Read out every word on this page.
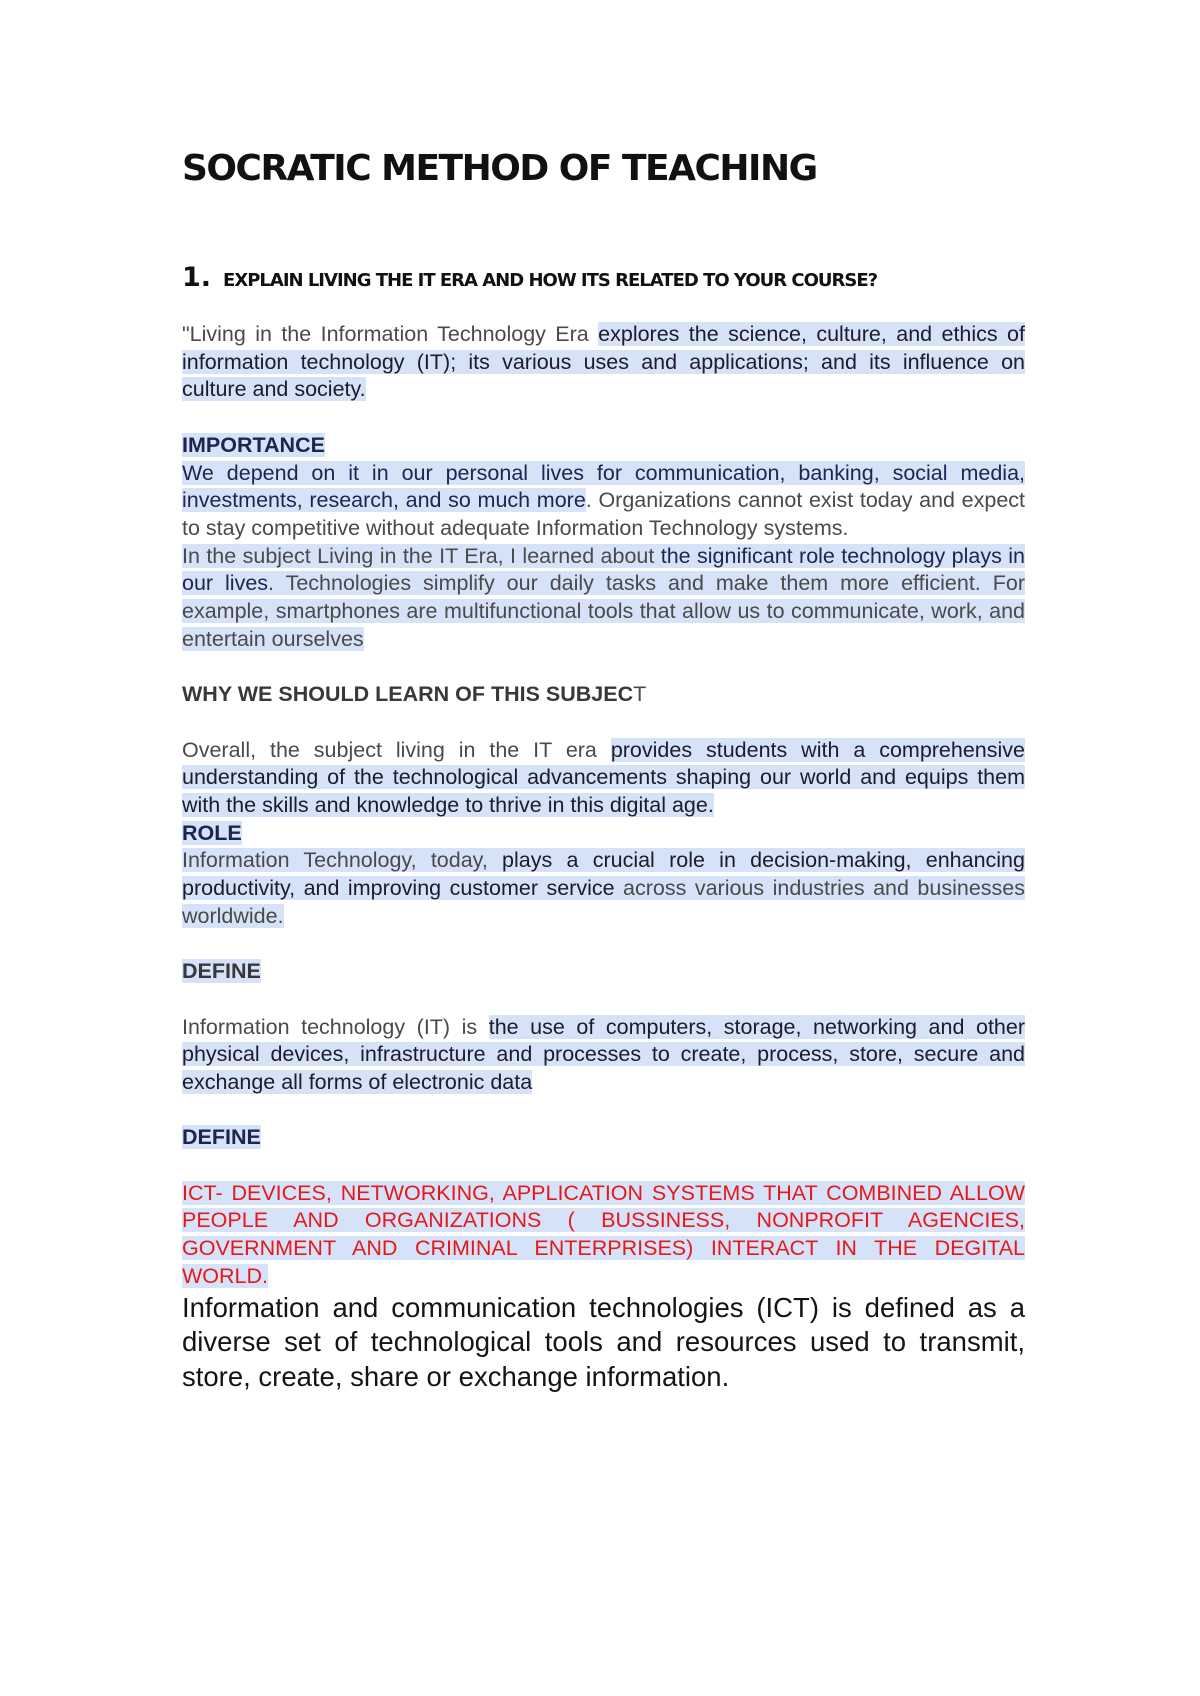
SOCRATIC METHOD OF TEACHING
1. EXPLAIN LIVING THE IT ERA AND HOW ITS RELATED TO YOUR COURSE?

"Living in the Information Technology Era explores the science, culture, and ethics of information technology (IT); its various uses and applications; and its influence on culture and society.

IMPORTANCE

We depend on it in our personal lives for communication, banking, social media, investments, research, and so much more. Organizations cannot exist today and expect to stay competitive without adequate Information Technology systems.

In the subject Living in the IT Era, I learned about the significant role technology plays in our lives. Technologies simplify our daily tasks and make them more efficient. For example, smartphones are multifunctional tools that allow us to communicate, work, and entertain ourselves

WHY WE SHOULD LEARN OF THIS SUBJECT

Overall, the subject living in the IT era provides students with a comprehensive understanding of the technological advancements shaping our world and equips them with the skills and knowledge to thrive in this digital age.

ROLE

Information Technology, today, plays a crucial role in decision-making, enhancing productivity, and improving customer service across various industries and businesses worldwide.

DEFINE

Information technology (IT) is the use of computers, storage, networking and other physical devices, infrastructure and processes to create, process, store, secure and exchange all forms of electronic data

DEFINE

ICT- DEVICES, NETWORKING, APPLICATION SYSTEMS THAT COMBINED ALLOW PEOPLE AND ORGANIZATIONS ( BUSSINESS, NONPROFIT AGENCIES, GOVERNMENT AND CRIMINAL ENTERPRISES) INTERACT IN THE DEGITAL WORLD.

Information and communication technologies (ICT) is defined as a diverse set of technological tools and resources used to transmit, store, create, share or exchange information.
